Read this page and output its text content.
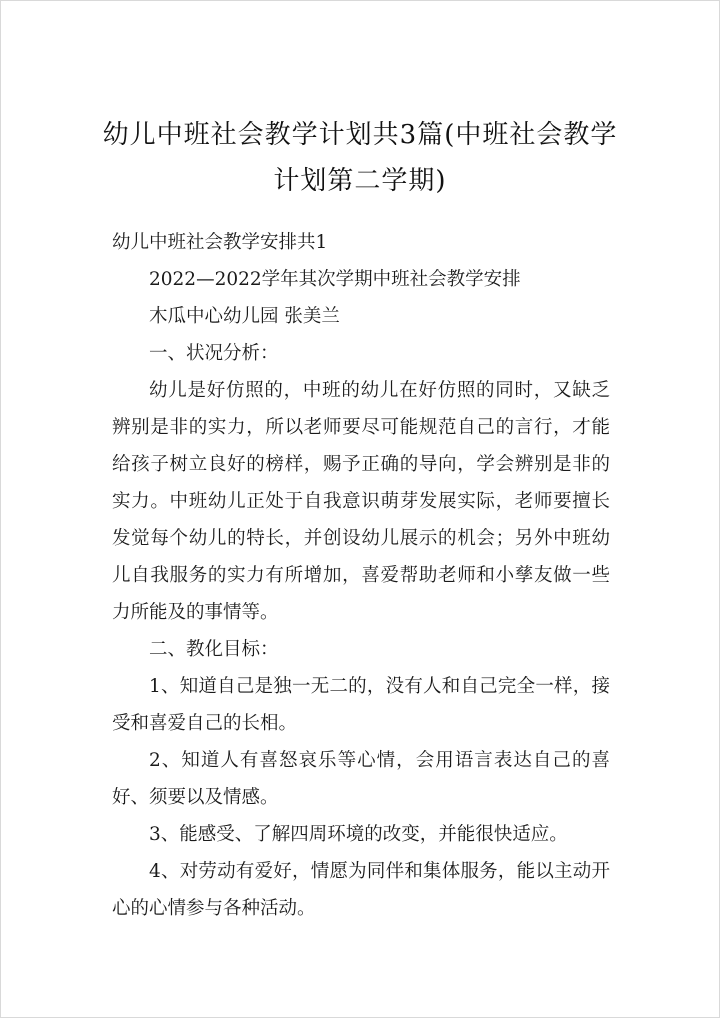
幼儿中班社会教学计划共3篇(中班社会教学计划第二学期)

幼儿中班社会教学安排共1

2022—2022学年其次学期中班社会教学安排

木瓜中心幼儿园 张美兰

一、状况分析：

幼儿是好仿照的，中班的幼儿在好仿照的同时，又缺乏辨别是非的实力，所以老师要尽可能规范自己的言行，才能给孩子树立良好的榜样，赐予正确的导向，学会辨别是非的实力。中班幼儿正处于自我意识萌芽发展实际，老师要擅长发觉每个幼儿的特长，并创设幼儿展示的机会；另外中班幼儿自我服务的实力有所增加，喜爱帮助老师和小孳友做一些力所能及的事情等。

二、教化目标：

1、知道自己是独一无二的，没有人和自己完全一样，接受和喜爱自己的长相。

2、知道人有喜怒哀乐等心情，会用语言表达自己的喜好、须要以及情感。

3、能感受、了解四周环境的改变，并能很快适应。

4、对劳动有爱好，情愿为同伴和集体服务，能以主动开心的心情参与各种活动。
